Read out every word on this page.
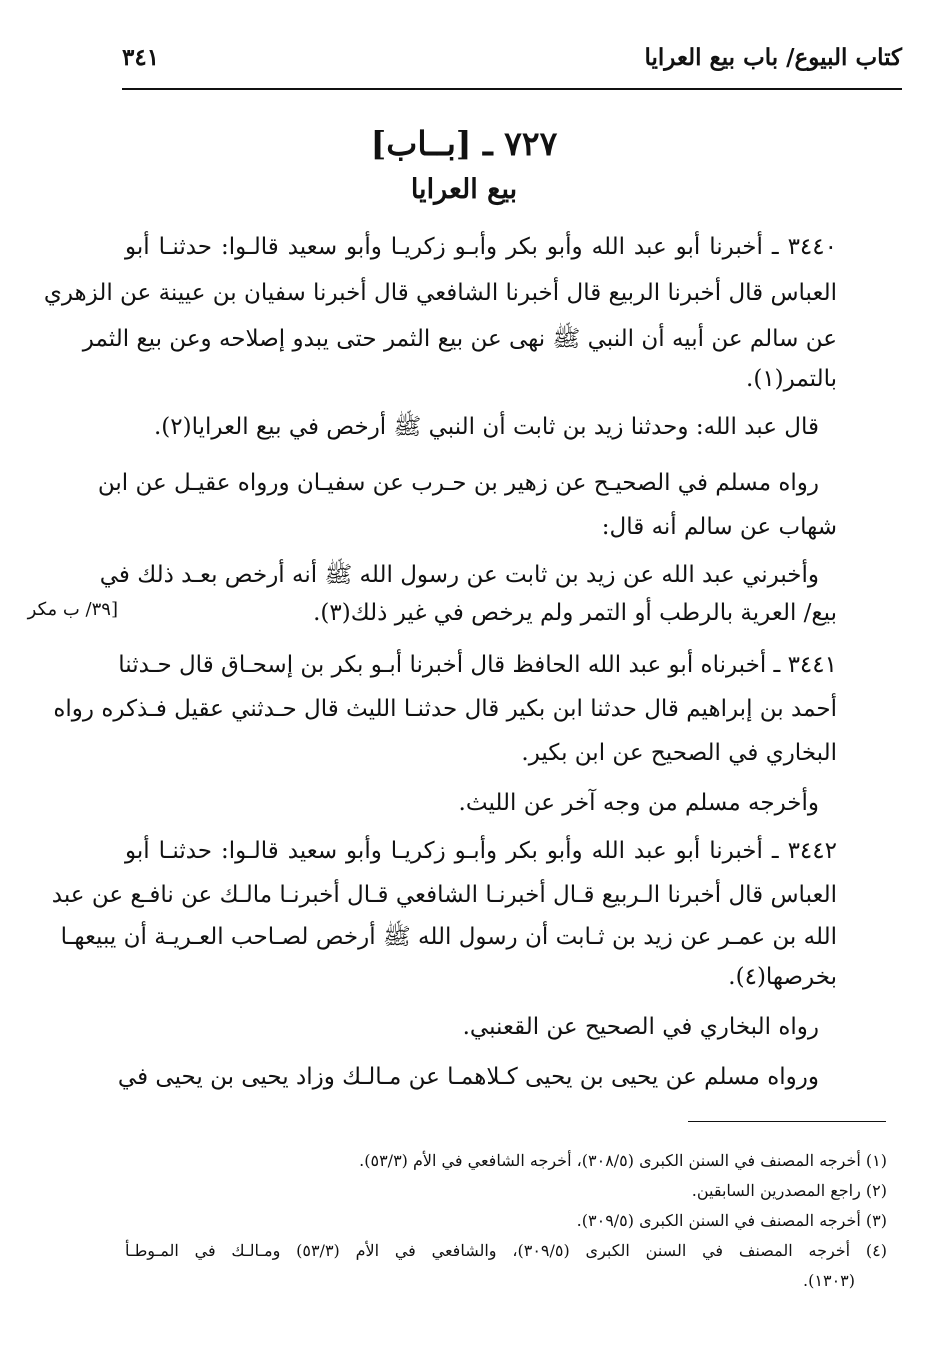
كتاب البيوع/ باب بيع العرايا
٣٤١
٧٢٧ ـ [بــاب]
بيع العرايا
٣٤٤٠ ـ أخبرنا أبو عبد الله وأبو بكر وأبـو زكريـا وأبو سعيد قالـوا: حدثنـا أبو
العباس قال أخبرنا الربيع قال أخبرنا الشافعي قال أخبرنا سفيان بن عيينة عن الزهري
عن سالم عن أبيه أن النبي ﷺ نهى عن بيع الثمر حتى يبدو إصلاحه وعن بيع الثمر
بالتمر(١).
قال عبد الله: وحدثنا زيد بن ثابت أن النبي ﷺ أرخص في بيع العرايا(٢).
رواه مسلم في الصحيـح عن زهير بن حـرب عن سفيـان ورواه عقيـل عن ابن
شهاب عن سالم أنه قال:
وأخبرني عبد الله عن زيد بن ثابت عن رسول الله ﷺ أنه أرخص بعـد ذلك في
بيع/ العرية بالرطب أو التمر ولم يرخص في غير ذلك(٣).
[٣٩/ ب مكر
٣٤٤١ ـ أخبرناه أبو عبد الله الحافظ قال أخبرنا أبـو بكر بن إسحـاق قال حـدثنا
أحمد بن إبراهيم قال حدثنا ابن بكير قال حدثنـا الليث قال حـدثني عقيل فـذكره رواه
البخاري في الصحيح عن ابن بكير.
وأخرجه مسلم من وجه آخر عن الليث.
٣٤٤٢ ـ أخبرنا أبو عبد الله وأبو بكر وأبـو زكريـا وأبو سعيد قالـوا: حدثنـا أبو
العباس قال أخبرنا الـربيع قـال أخبرنـا الشافعي قـال أخبرنـا مالـك عن نافـع عن عبد
الله بن عمـر عن زيد بن ثـابت أن رسول الله ﷺ أرخص لصـاحب العـريـة أن يبيعهـا
بخرصها(٤).
رواه البخاري في الصحيح عن القعنبي.
ورواه مسلم عن يحيى بن يحيى كـلاهمـا عن مـالـك وزاد يحيى بن يحيى في
(١) أخرجه المصنف في السنن الكبرى (٣٠٨/٥)، أخرجه الشافعي في الأم (٥٣/٣).
(٢) راجع المصدرين السابقين.
(٣) أخرجه المصنف في السنن الكبرى (٣٠٩/٥).
(٤) أخرجه المصنف في السنن الكبرى (٣٠٩/٥)، والشافعي في الأم (٥٣/٣) ومـالـك في المـوطـأ
(١٣٠٣).
